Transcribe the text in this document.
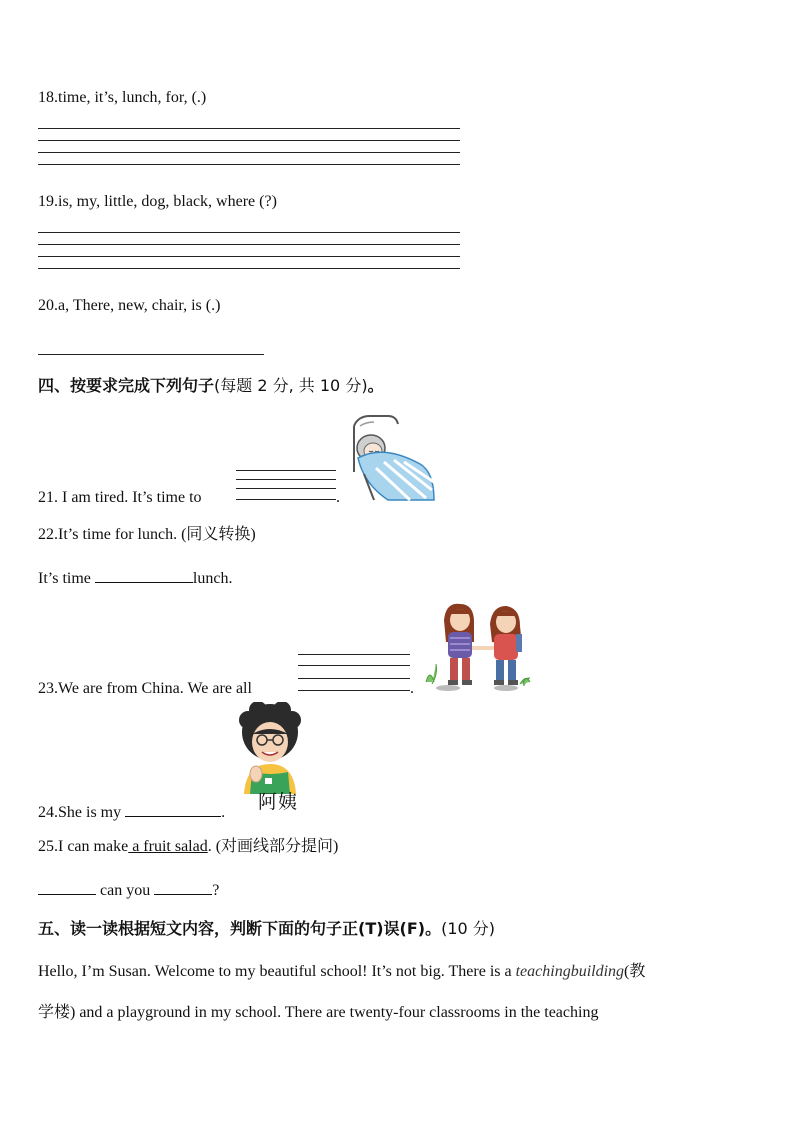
18.time, it’s, lunch, for, (.)
19.is, my, little, dog, black, where (?)
20.a, There, new, chair, is (.)
四、按要求完成下列句子(每题 2 分, 共 10 分)。
21. I am tired. It’s time to	.
22.It’s time for lunch. (同义转换)
It’s time	lunch.
23.We are from China. We are all	.
24.She is my	. 阿姨
25.I can make a fruit salad. (对画线部分提问)
can you	?
五、读一读根据短文内容，判断下面的句子正(T)误(F)。(10 分)
Hello, I’m Susan. Welcome to my beautiful school! It’s not big. There is a teachingbuilding(教
学楼) and a playground in my school. There are twenty-four classrooms in the teaching
